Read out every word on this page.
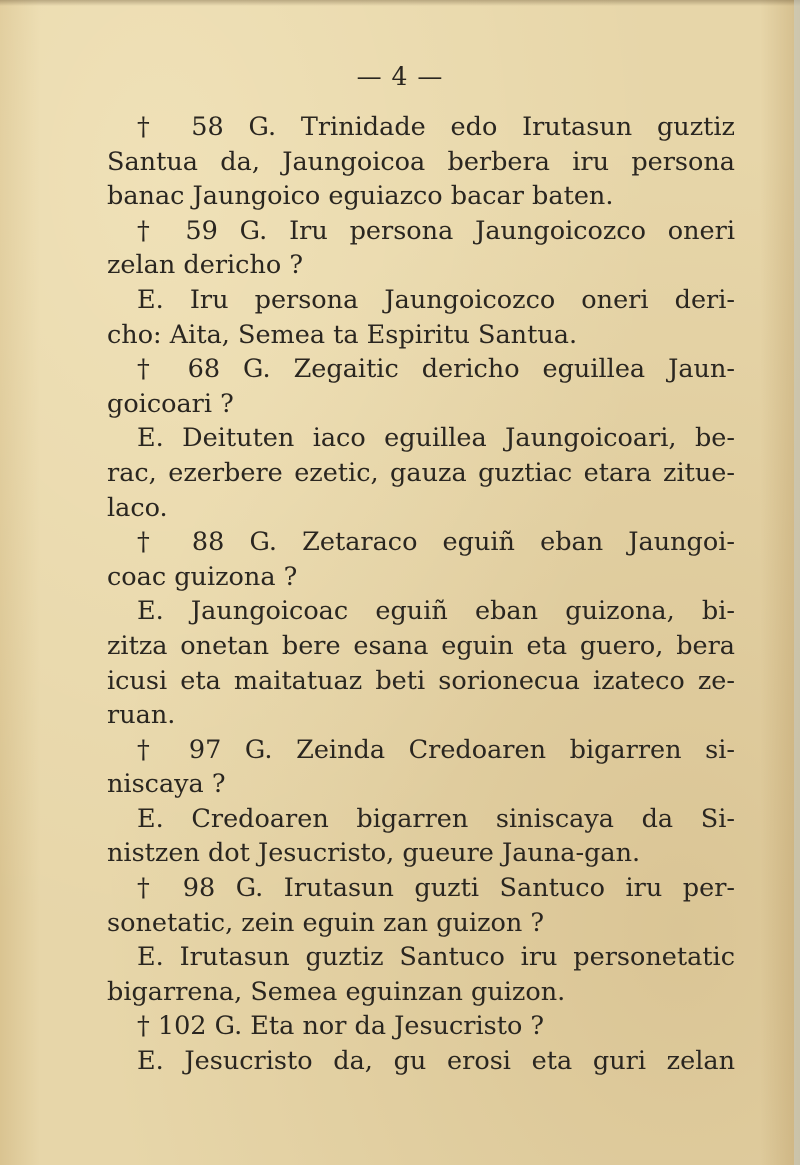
— 4 —
† 58 G. Trinidade edo Irutasun guztiz
Santua da, Jaungoicoa berbera iru persona
banac Jaungoico eguiazco bacar baten.
† 59 G. Iru persona Jaungoicozco oneri
zelan dericho ?
E. Iru persona Jaungoicozco oneri deri-
cho: Aita, Semea ta Espiritu Santua.
† 68 G. Zegaitic dericho eguillea Jaun-
goicoari ?
E. Deituten iaco eguillea Jaungoicoari, be-
rac, ezerbere ezetic, gauza guztiac etara zitue-
laco.
† 88 G. Zetaraco eguiñ eban Jaungoi-
coac guizona ?
E. Jaungoicoac eguiñ eban guizona, bi-
zitza onetan bere esana eguin eta guero, bera
icusi eta maitatuaz beti sorionecua izateco ze-
ruan.
† 97 G. Zeinda Credoaren bigarren si-
niscaya ?
E. Credoaren bigarren siniscaya da Si-
nistzen dot Jesucristo, gueure Jauna-gan.
† 98 G. Irutasun guzti Santuco iru per-
sonetatic, zein eguin zan guizon ?
E. Irutasun guztiz Santuco iru personetatic
bigarrena, Semea eguinzan guizon.
† 102 G. Eta nor da Jesucristo ?
E. Jesucristo da, gu erosi eta guri zelan
